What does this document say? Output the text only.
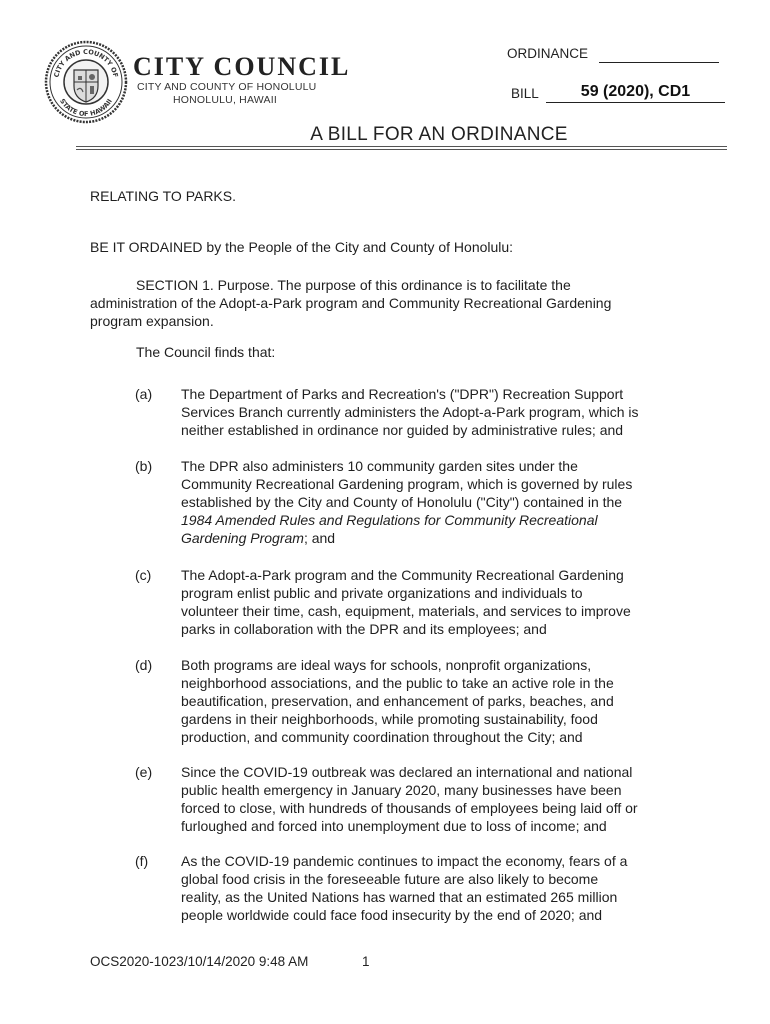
CITY AND COUNTY OF
STATE OF HAWAII
CITY COUNCIL
CITY AND COUNTY OF HONOLULU
HONOLULU, HAWAII
ORDINANCE
BILL	59 (2020), CD1
A BILL FOR AN ORDINANCE
RELATING TO PARKS.
BE IT ORDAINED by the People of the City and County of Honolulu:
SECTION 1. Purpose. The purpose of this ordinance is to facilitate the
administration of the Adopt-a-Park program and Community Recreational Gardening
program expansion.
The Council finds that:
(a) The Department of Parks and Recreation's ("DPR") Recreation Support
Services Branch currently administers the Adopt-a-Park program, which is
neither established in ordinance nor guided by administrative rules; and
(b) The DPR also administers 10 community garden sites under the
Community Recreational Gardening program, which is governed by rules
established by the City and County of Honolulu ("City") contained in the
1984 Amended Rules and Regulations for Community Recreational
Gardening Program; and
(c) The Adopt-a-Park program and the Community Recreational Gardening
program enlist public and private organizations and individuals to
volunteer their time, cash, equipment, materials, and services to improve
parks in collaboration with the DPR and its employees; and
(d) Both programs are ideal ways for schools, nonprofit organizations,
neighborhood associations, and the public to take an active role in the
beautification, preservation, and enhancement of parks, beaches, and
gardens in their neighborhoods, while promoting sustainability, food
production, and community coordination throughout the City; and
(e) Since the COVID-19 outbreak was declared an international and national
public health emergency in January 2020, many businesses have been
forced to close, with hundreds of thousands of employees being laid off or
furloughed and forced into unemployment due to loss of income; and
(f) As the COVID-19 pandemic continues to impact the economy, fears of a
global food crisis in the foreseeable future are also likely to become
reality, as the United Nations has warned that an estimated 265 million
people worldwide could face food insecurity by the end of 2020; and
OCS2020-1023/10/14/2020 9:48 AM	1
